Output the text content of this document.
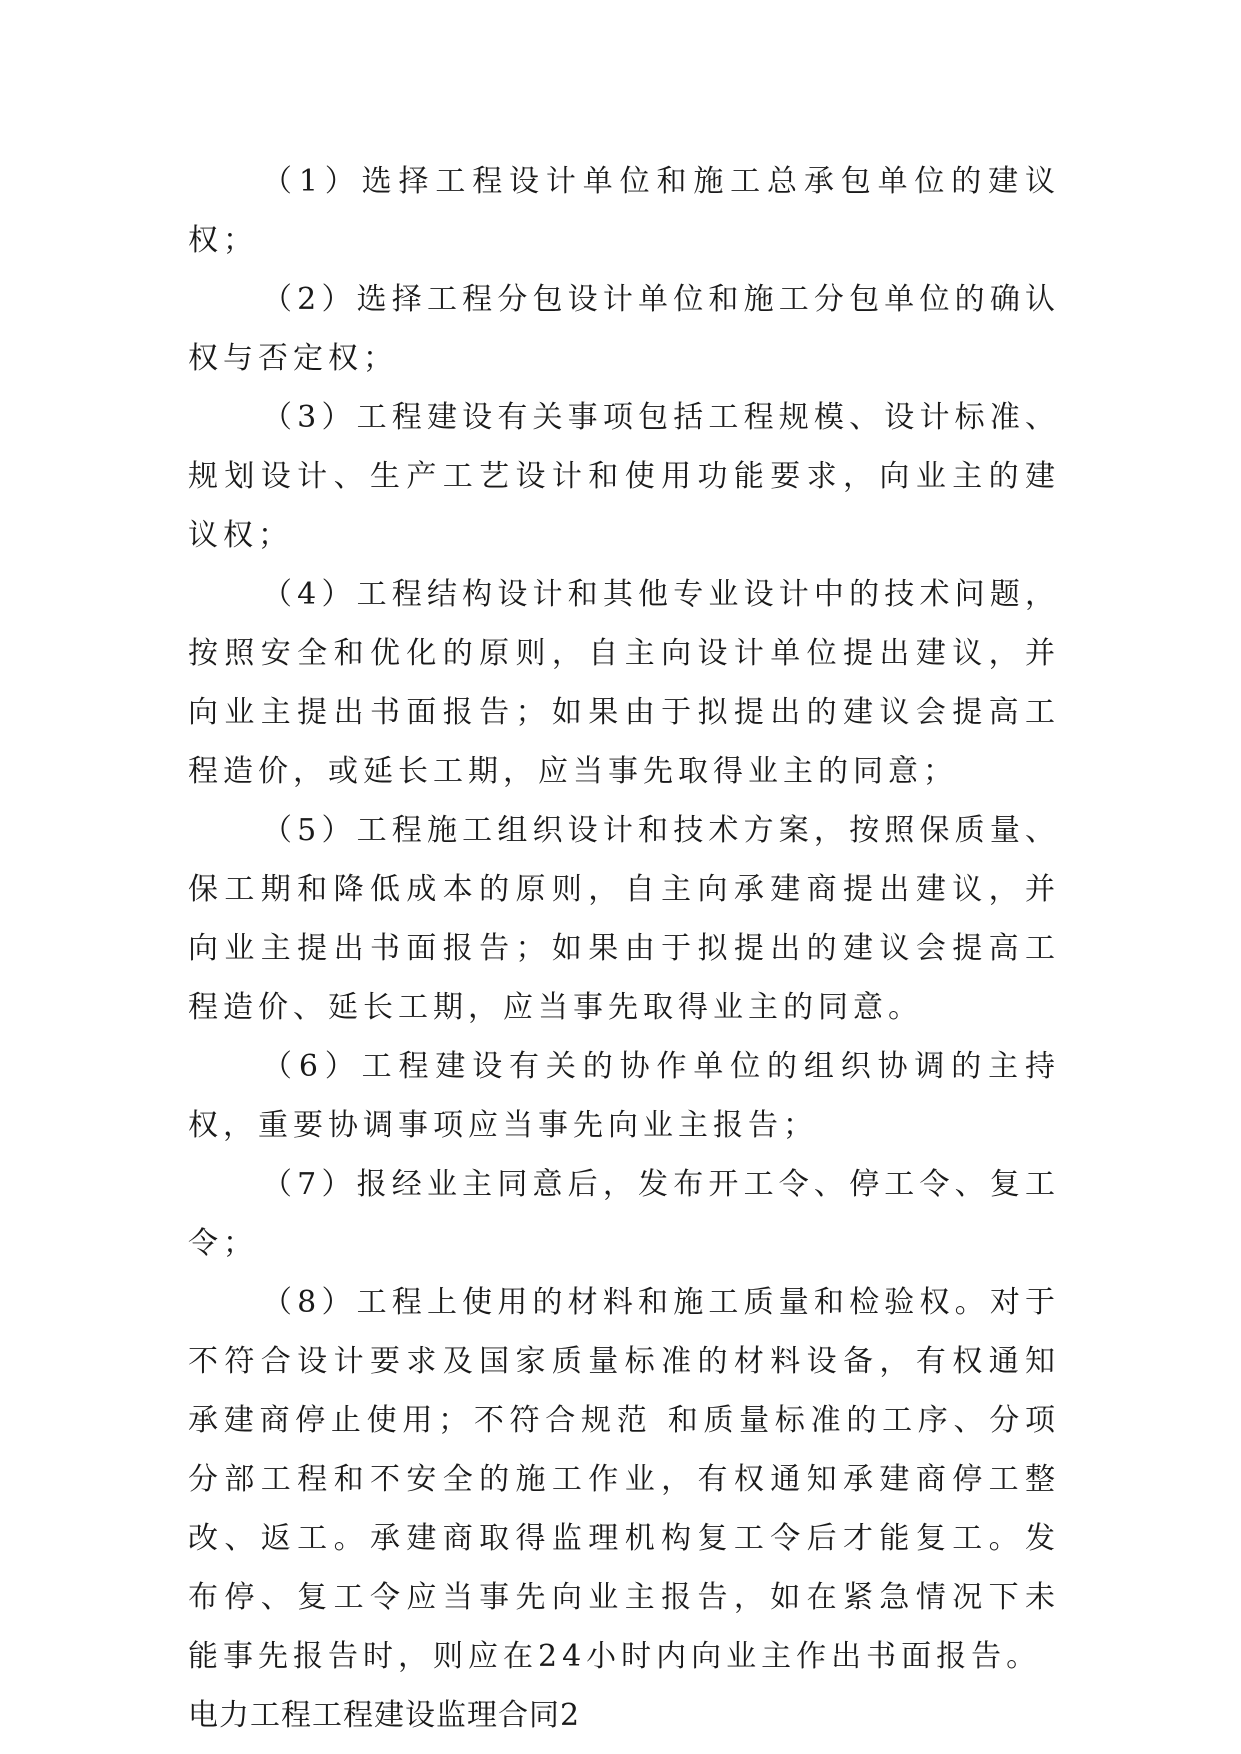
（1）选择工程设计单位和施工总承包单位的建议权；

（2）选择工程分包设计单位和施工分包单位的确认权与否定权；

（3）工程建设有关事项包括工程规模、设计标准、规划设计、生产工艺设计和使用功能要求，向业主的建议权；

（4）工程结构设计和其他专业设计中的技术问题，按照安全和优化的原则，自主向设计单位提出建议，并向业主提出书面报告；如果由于拟提出的建议会提高工程造价，或延长工期，应当事先取得业主的同意；

（5）工程施工组织设计和技术方案，按照保质量、保工期和降低成本的原则，自主向承建商提出建议，并向业主提出书面报告；如果由于拟提出的建议会提高工程造价、延长工期，应当事先取得业主的同意。

（6）工程建设有关的协作单位的组织协调的主持权，重要协调事项应当事先向业主报告；

（7）报经业主同意后，发布开工令、停工令、复工令；

（8）工程上使用的材料和施工质量和检验权。对于不符合设计要求及国家质量标准的材料设备，有权通知承建商停止使用；不符合规范 和质量标准的工序、分项分部工程和不安全的施工作业，有权通知承建商停工整改、返工。承建商取得监理机构复工令后才能复工。发布停、复工令应当事先向业主报告，如在紧急情况下未能事先报告时，则应在24小时内向业主作出书面报告。

电力工程工程建设监理合同2
